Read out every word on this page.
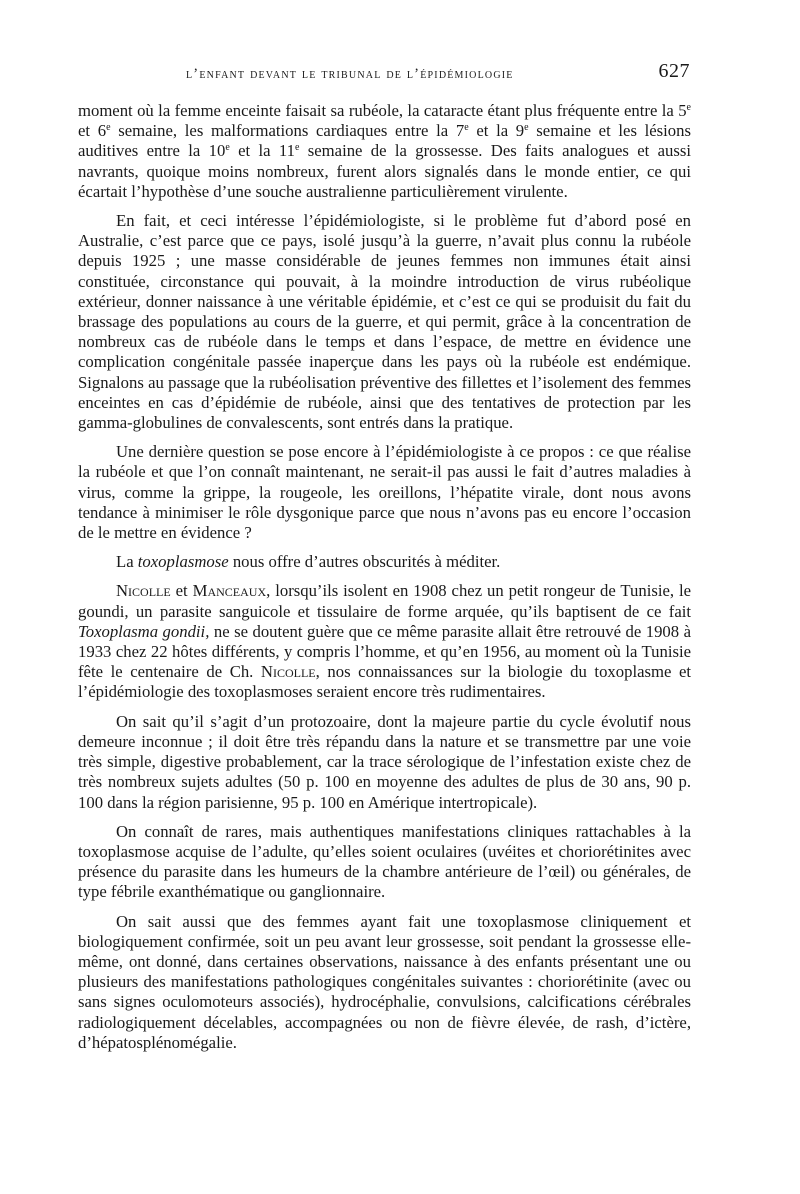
l’enfant devant le tribunal de l’épidémiologie	627

moment où la femme enceinte faisait sa rubéole, la cataracte étant plus fréquente entre la 5e et 6e semaine, les malformations cardiaques entre la 7e et la 9e semaine et les lésions auditives entre la 10e et la 11e semaine de la grossesse. Des faits analogues et aussi navrants, quoique moins nombreux, furent alors signalés dans le monde entier, ce qui écartait l’hypothèse d’une souche australienne particulièrement virulente.

En fait, et ceci intéresse l’épidémiologiste, si le problème fut d’abord posé en Australie, c’est parce que ce pays, isolé jusqu’à la guerre, n’avait plus connu la rubéole depuis 1925 ; une masse considérable de jeunes femmes non immunes était ainsi constituée, circonstance qui pouvait, à la moindre introduction de virus rubéolique extérieur, donner naissance à une véritable épidémie, et c’est ce qui se produisit du fait du brassage des populations au cours de la guerre, et qui permit, grâce à la concentration de nombreux cas de rubéole dans le temps et dans l’espace, de mettre en évidence une complication congénitale passée inaperçue dans les pays où la rubéole est endémique. Signalons au passage que la rubéolisation préventive des fillettes et l’isolement des femmes enceintes en cas d’épidémie de rubéole, ainsi que des tentatives de protection par les gamma-globulines de convalescents, sont entrés dans la pratique.

Une dernière question se pose encore à l’épidémiologiste à ce propos : ce que réalise la rubéole et que l’on connaît maintenant, ne serait-il pas aussi le fait d’autres maladies à virus, comme la grippe, la rougeole, les oreillons, l’hépatite virale, dont nous avons tendance à minimiser le rôle dysgonique parce que nous n’avons pas eu encore l’occasion de le mettre en évidence ?

La toxoplasmose nous offre d’autres obscurités à méditer.

Nicolle et Manceaux, lorsqu’ils isolent en 1908 chez un petit rongeur de Tunisie, le goundi, un parasite sanguicole et tissulaire de forme arquée, qu’ils baptisent de ce fait Toxoplasma gondii, ne se doutent guère que ce même parasite allait être retrouvé de 1908 à 1933 chez 22 hôtes différents, y compris l’homme, et qu’en 1956, au moment où la Tunisie fête le centenaire de Ch. Nicolle, nos connaissances sur la biologie du toxoplasme et l’épidémiologie des toxoplasmoses seraient encore très rudimentaires.

On sait qu’il s’agit d’un protozoaire, dont la majeure partie du cycle évolutif nous demeure inconnue ; il doit être très répandu dans la nature et se transmettre par une voie très simple, digestive probablement, car la trace sérologique de l’infestation existe chez de très nombreux sujets adultes (50 p. 100 en moyenne des adultes de plus de 30 ans, 90 p. 100 dans la région parisienne, 95 p. 100 en Amérique intertropicale).

On connaît de rares, mais authentiques manifestations cliniques rattachables à la toxoplasmose acquise de l’adulte, qu’elles soient oculaires (uvéites et choriorétinites avec présence du parasite dans les humeurs de la chambre antérieure de l’œil) ou générales, de type fébrile exanthématique ou ganglionnaire.

On sait aussi que des femmes ayant fait une toxoplasmose cliniquement et biologiquement confirmée, soit un peu avant leur grossesse, soit pendant la grossesse elle-même, ont donné, dans certaines observations, naissance à des enfants présentant une ou plusieurs des manifestations pathologiques congénitales suivantes : choriorétinite (avec ou sans signes oculomoteurs associés), hydrocéphalie, convulsions, calcifications cérébrales radiologiquement décelables, accompagnées ou non de fièvre élevée, de rash, d’ictère, d’hépatosplénomégalie.
